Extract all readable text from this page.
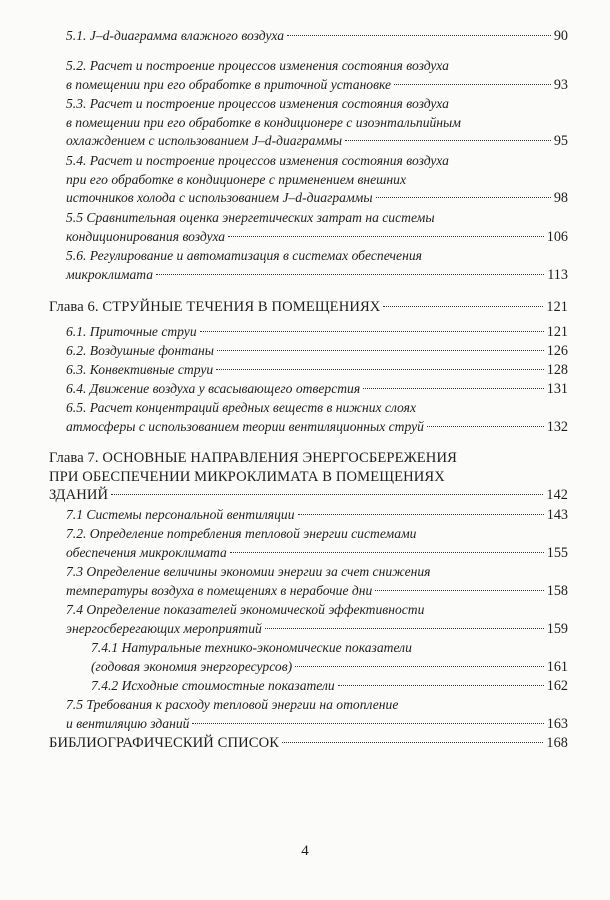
5.1. J–d-диаграмма влажного воздуха	90
5.2. Расчет и построение процессов изменения состояния воздуха
в помещении при его обработке в приточной установке	93
5.3. Расчет и построение процессов изменения состояния воздуха
в помещении при его обработке в кондиционере с изоэнтальпийным
охлаждением с использованием J–d-диаграммы	95
5.4. Расчет и построение процессов изменения состояния воздуха
при его обработке в кондиционере с применением внешних
источников холода с использованием J–d-диаграммы	98
5.5 Сравнительная оценка энергетических затрат на системы
кондиционирования воздуха	106
5.6. Регулирование и автоматизация в системах обеспечения
микроклимата	113
Глава 6. СТРУЙНЫЕ ТЕЧЕНИЯ В ПОМЕЩЕНИЯХ	121
6.1. Приточные струи	121
6.2. Воздушные фонтаны	126
6.3. Конвективные струи	128
6.4. Движение воздуха у всасывающего отверстия	131
6.5. Расчет концентраций вредных веществ в нижних слоях
атмосферы с использованием теории вентиляционных струй	132
Глава 7. ОСНОВНЫЕ НАПРАВЛЕНИЯ ЭНЕРГОСБЕРЕЖЕНИЯ
ПРИ ОБЕСПЕЧЕНИИ МИКРОКЛИМАТА В ПОМЕЩЕНИЯХ
ЗДАНИЙ	142
7.1 Системы персональной вентиляции	143
7.2. Определение потребления тепловой энергии системами
обеспечения микроклимата	155
7.3 Определение величины экономии энергии за счет снижения
температуры воздуха в помещениях в нерабочие дни	158
7.4 Определение показателей экономической эффективности
энергосберегающих мероприятий	159
7.4.1 Натуральные технико-экономические показатели
(годовая экономия энергоресурсов)	161
7.4.2 Исходные стоимостные показатели	162
7.5 Требования к расходу тепловой энергии на отопление
и вентиляцию зданий	163
БИБЛИОГРАФИЧЕСКИЙ СПИСОК	168
4
